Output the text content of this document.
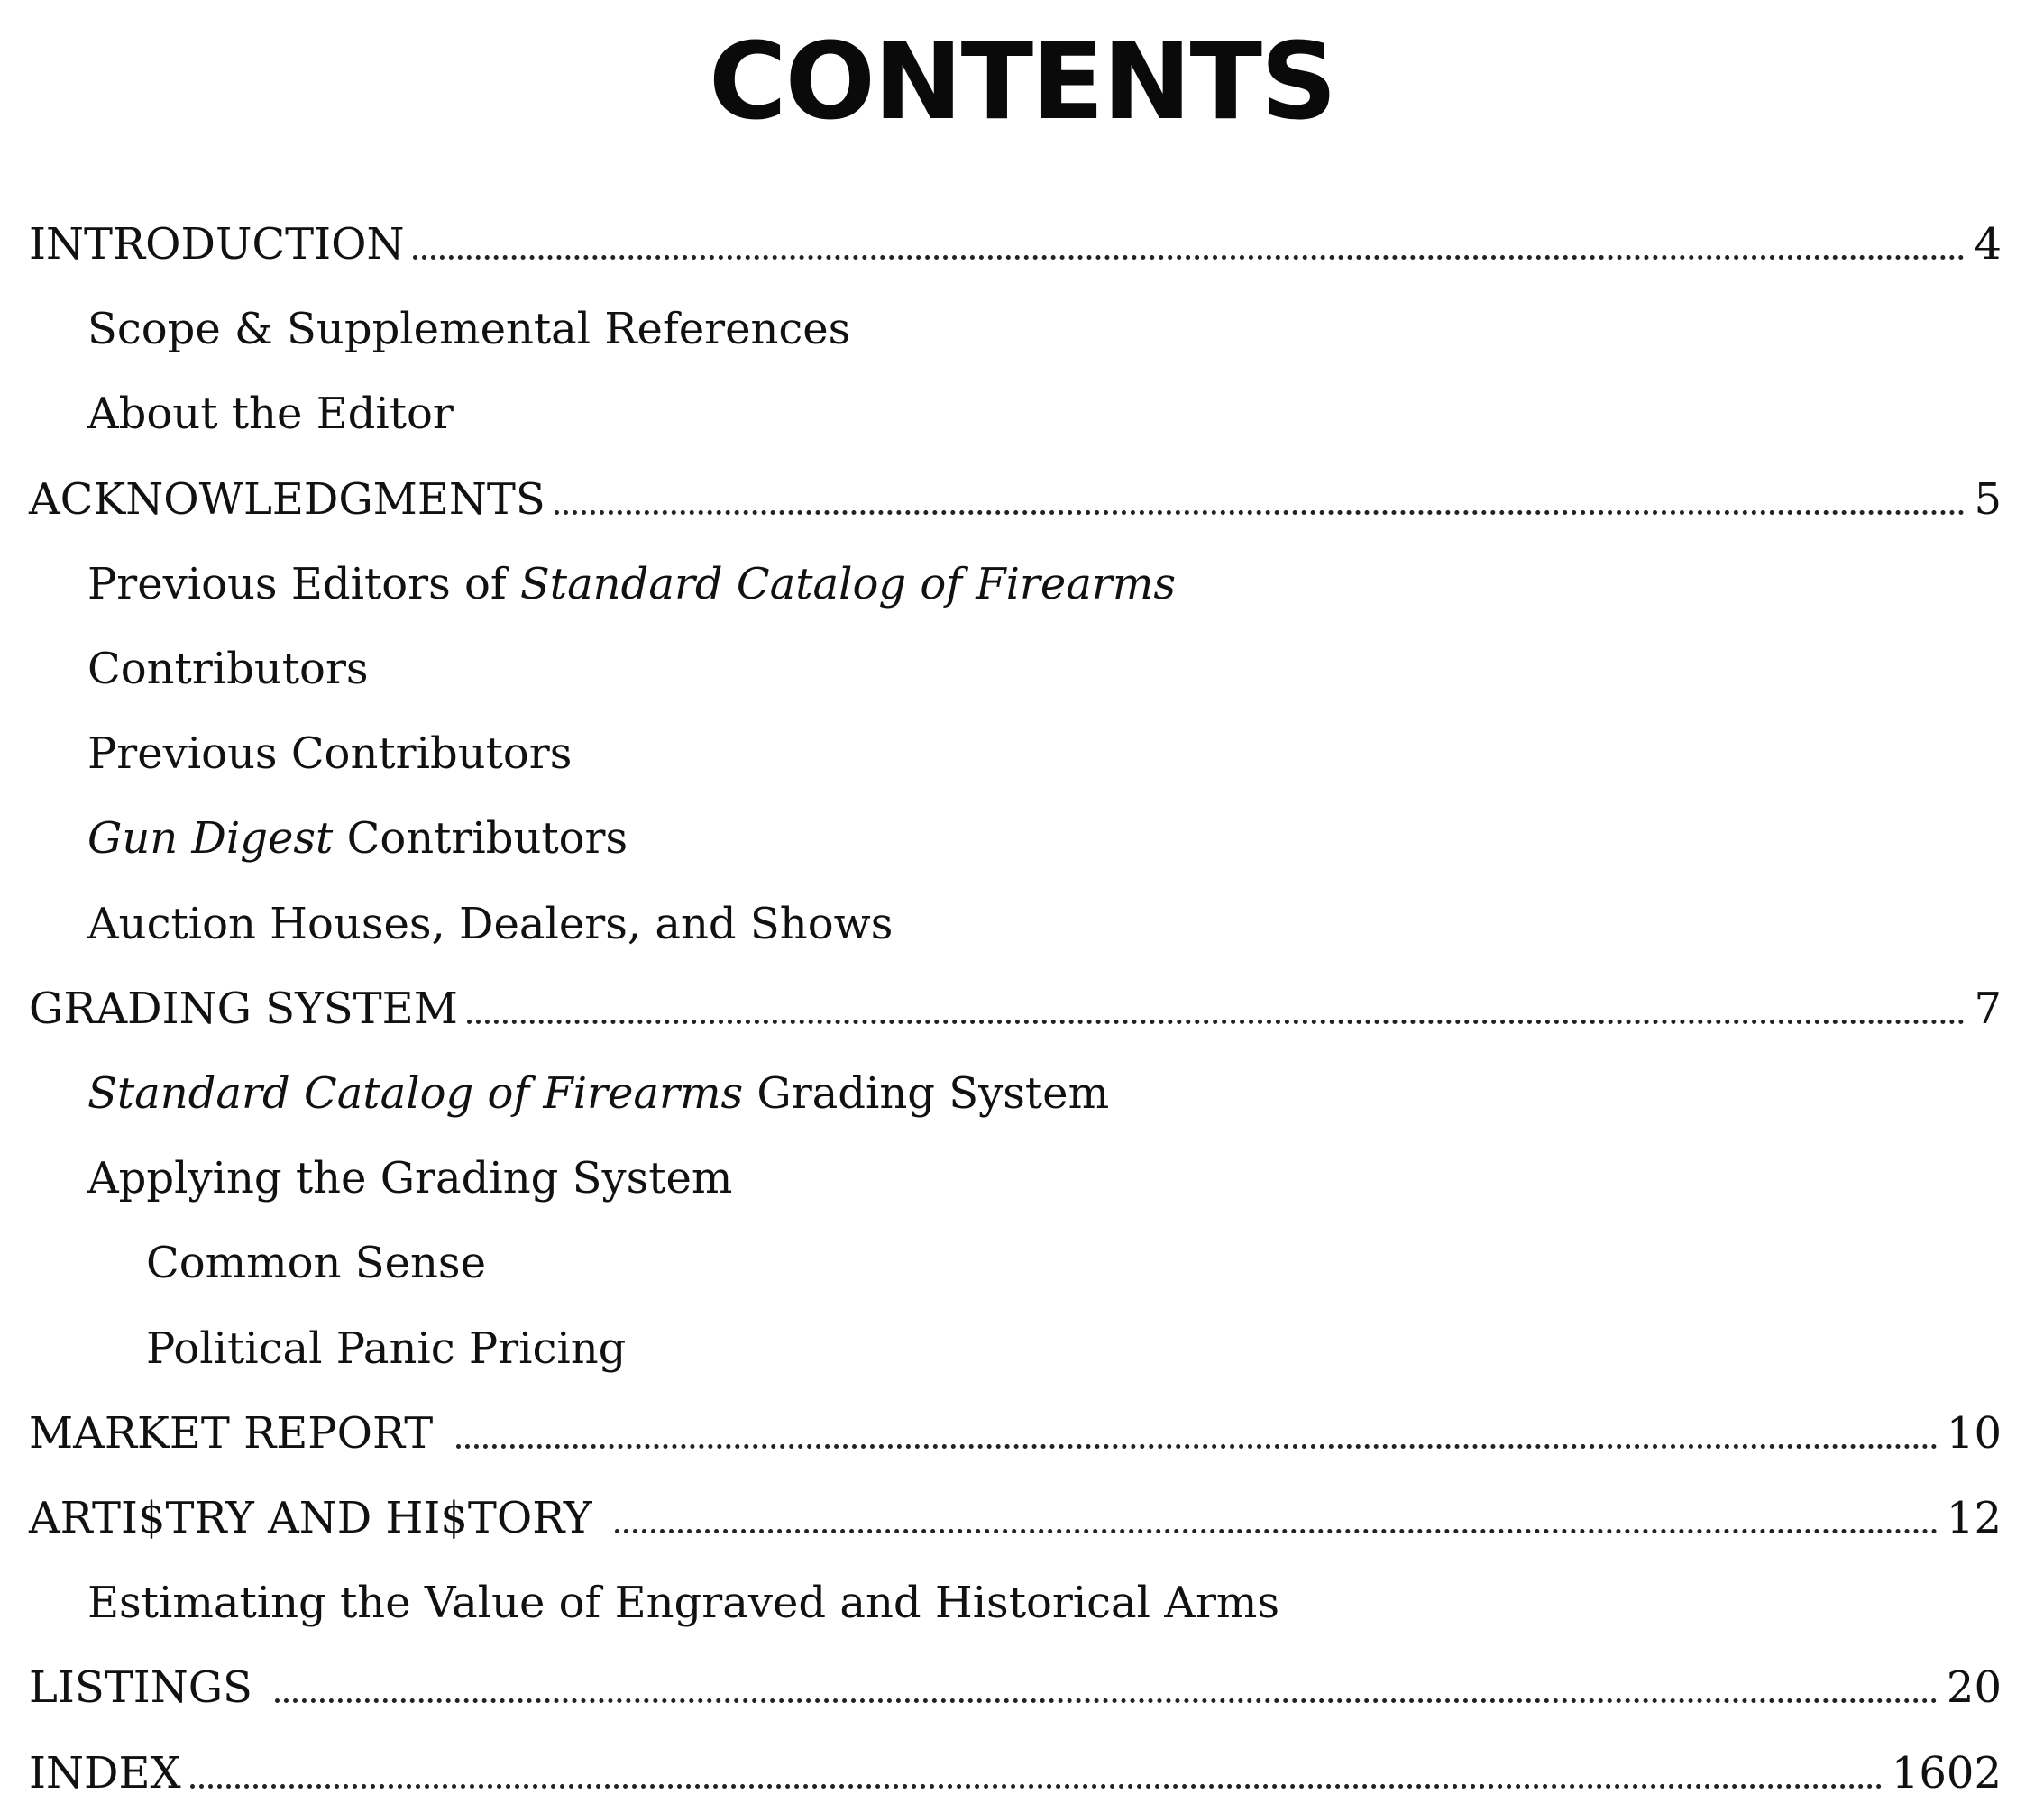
CONTENTS
INTRODUCTION	4
Scope & Supplemental References
About the Editor
ACKNOWLEDGMENTS	5
Previous Editors of Standard Catalog of Firearms
Contributors
Previous Contributors
Gun Digest Contributors
Auction Houses, Dealers, and Shows
GRADING SYSTEM	7
Standard Catalog of Firearms Grading System
Applying the Grading System
Common Sense
Political Panic Pricing
MARKET REPORT	10
ARTI$TRY AND HI$TORY	12
Estimating the Value of Engraved and Historical Arms
LISTINGS	20
INDEX	1602
